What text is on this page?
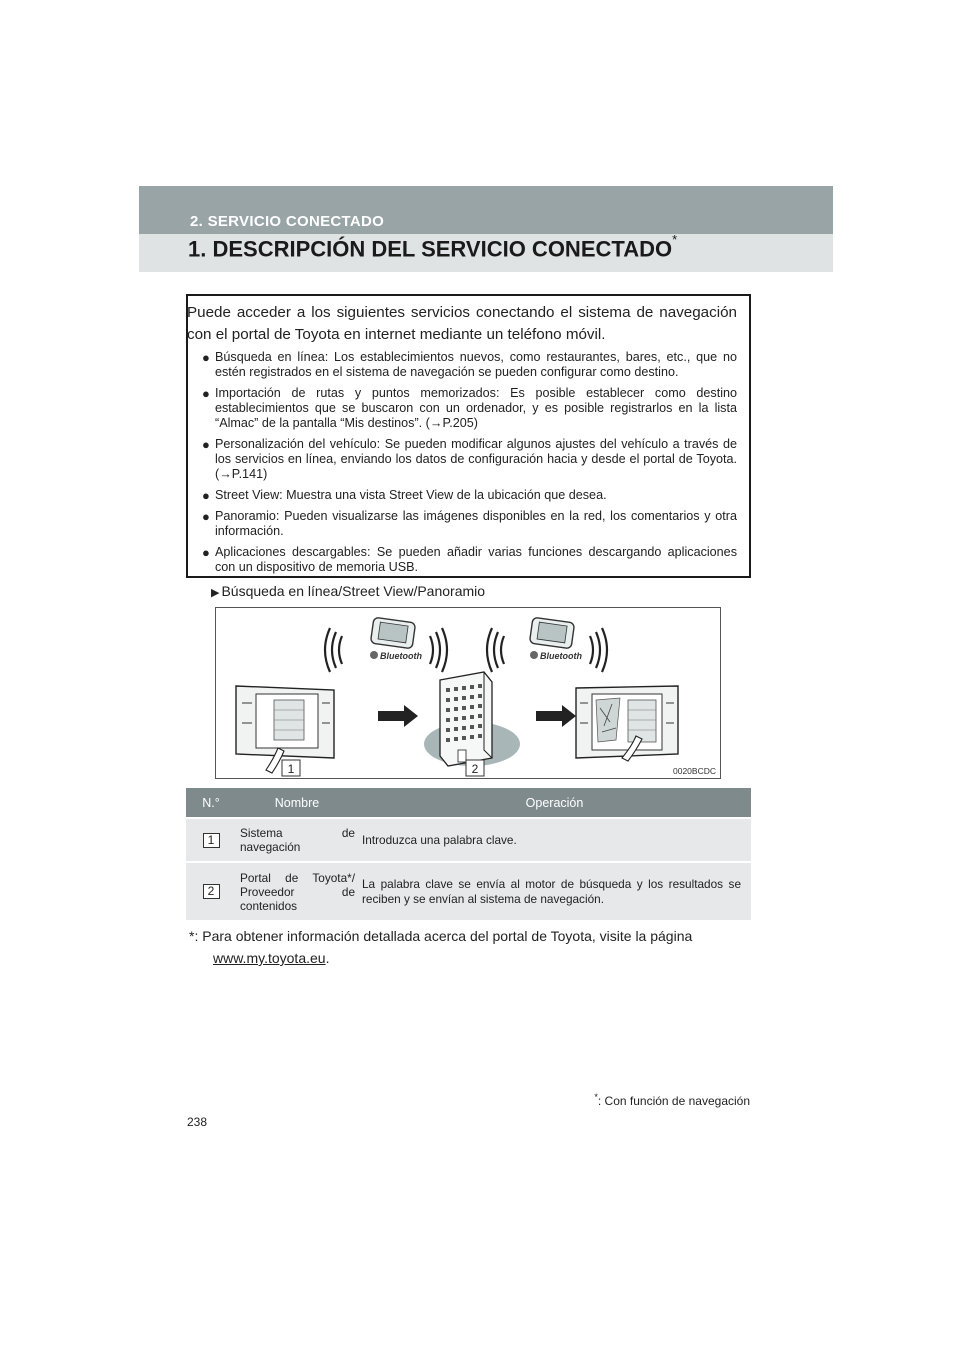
2. SERVICIO CONECTADO
1. DESCRIPCIÓN DEL SERVICIO CONECTADO*

Puede acceder a los siguientes servicios conectando el sistema de navegación con el portal de Toyota en internet mediante un teléfono móvil.

● Búsqueda en línea: Los establecimientos nuevos, como restaurantes, bares, etc., que no estén registrados en el sistema de navegación se pueden configurar como destino.
● Importación de rutas y puntos memorizados: Es posible establecer como destino establecimientos que se buscaron con un ordenador, y es posible registrarlos en la lista “Almac” de la pantalla “Mis destinos”. (→P.205)
● Personalización del vehículo: Se pueden modificar algunos ajustes del vehículo a través de los servicios en línea, enviando los datos de configuración hacia y desde el portal de Toyota. (→P.141)
● Street View: Muestra una vista Street View de la ubicación que desea.
● Panoramio: Pueden visualizarse las imágenes disponibles en la red, los comentarios y otra información.
● Aplicaciones descargables: Se pueden añadir varias funciones descargando aplicaciones con un dispositivo de memoria USB.
▶ Búsqueda en línea/Street View/Panoramio
Bluetooth	Bluetooth
1	2	0020BCDC
N.°	Nombre	Operación
1	Sistema de navegación	Introduzca una palabra clave.
2	Portal de Toyota*/ Proveedor de contenidos	La palabra clave se envía al motor de búsqueda y los resultados se reciben y se envían al sistema de navegación.
*: Para obtener información detallada acerca del portal de Toyota, visite la página
www.my.toyota.eu.
*: Con función de navegación
238
